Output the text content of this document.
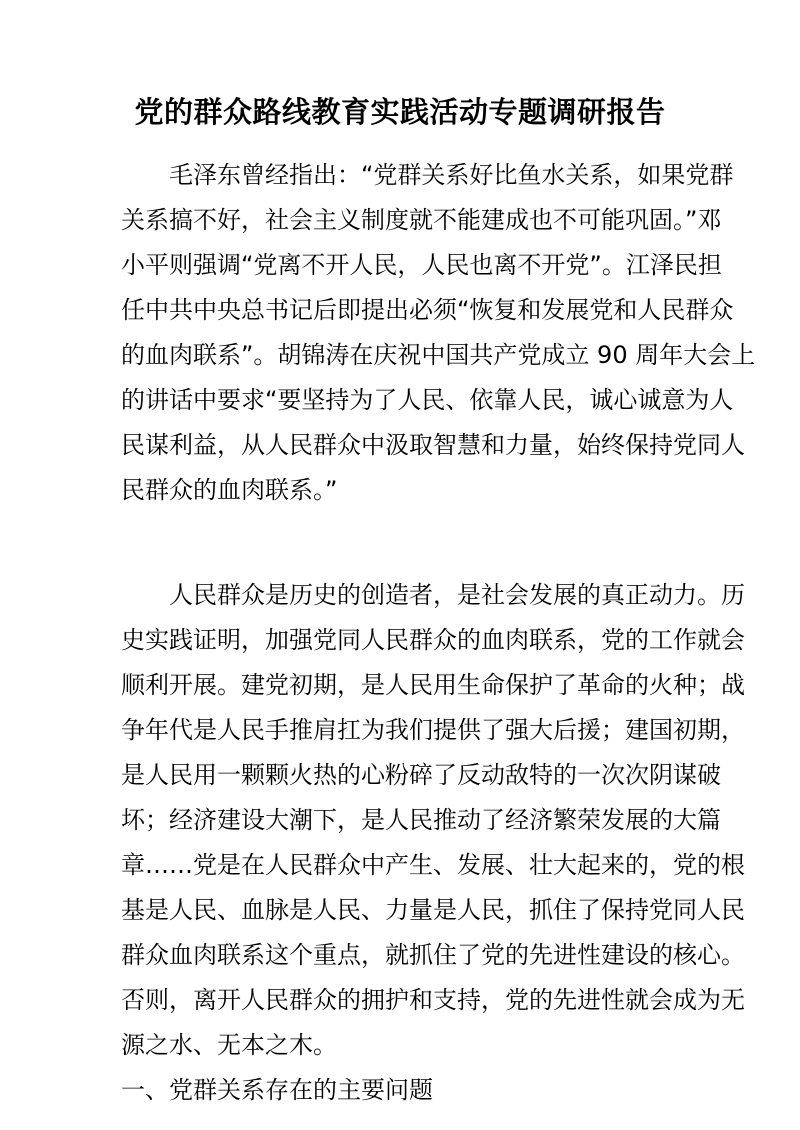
党的群众路线教育实践活动专题调研报告
毛泽东曾经指出：“党群关系好比鱼水关系，如果党群
关系搞不好，社会主义制度就不能建成也不可能巩固。”邓
小平则强调“党离不开人民，人民也离不开党”。江泽民担
任中共中央总书记后即提出必须“恢复和发展党和人民群众
的血肉联系”。胡锦涛在庆祝中国共产党成立 90 周年大会上
的讲话中要求“要坚持为了人民、依靠人民，诚心诚意为人
民谋利益，从人民群众中汲取智慧和力量，始终保持党同人
民群众的血肉联系。”
人民群众是历史的创造者，是社会发展的真正动力。历
史实践证明，加强党同人民群众的血肉联系，党的工作就会
顺利开展。建党初期，是人民用生命保护了革命的火种；战
争年代是人民手推肩扛为我们提供了强大后援；建国初期，
是人民用一颗颗火热的心粉碎了反动敌特的一次次阴谋破
坏；经济建设大潮下，是人民推动了经济繁荣发展的大篇
章……党是在人民群众中产生、发展、壮大起来的，党的根
基是人民、血脉是人民、力量是人民，抓住了保持党同人民
群众血肉联系这个重点，就抓住了党的先进性建设的核心。
否则，离开人民群众的拥护和支持，党的先进性就会成为无
源之水、无本之木。
一、党群关系存在的主要问题
